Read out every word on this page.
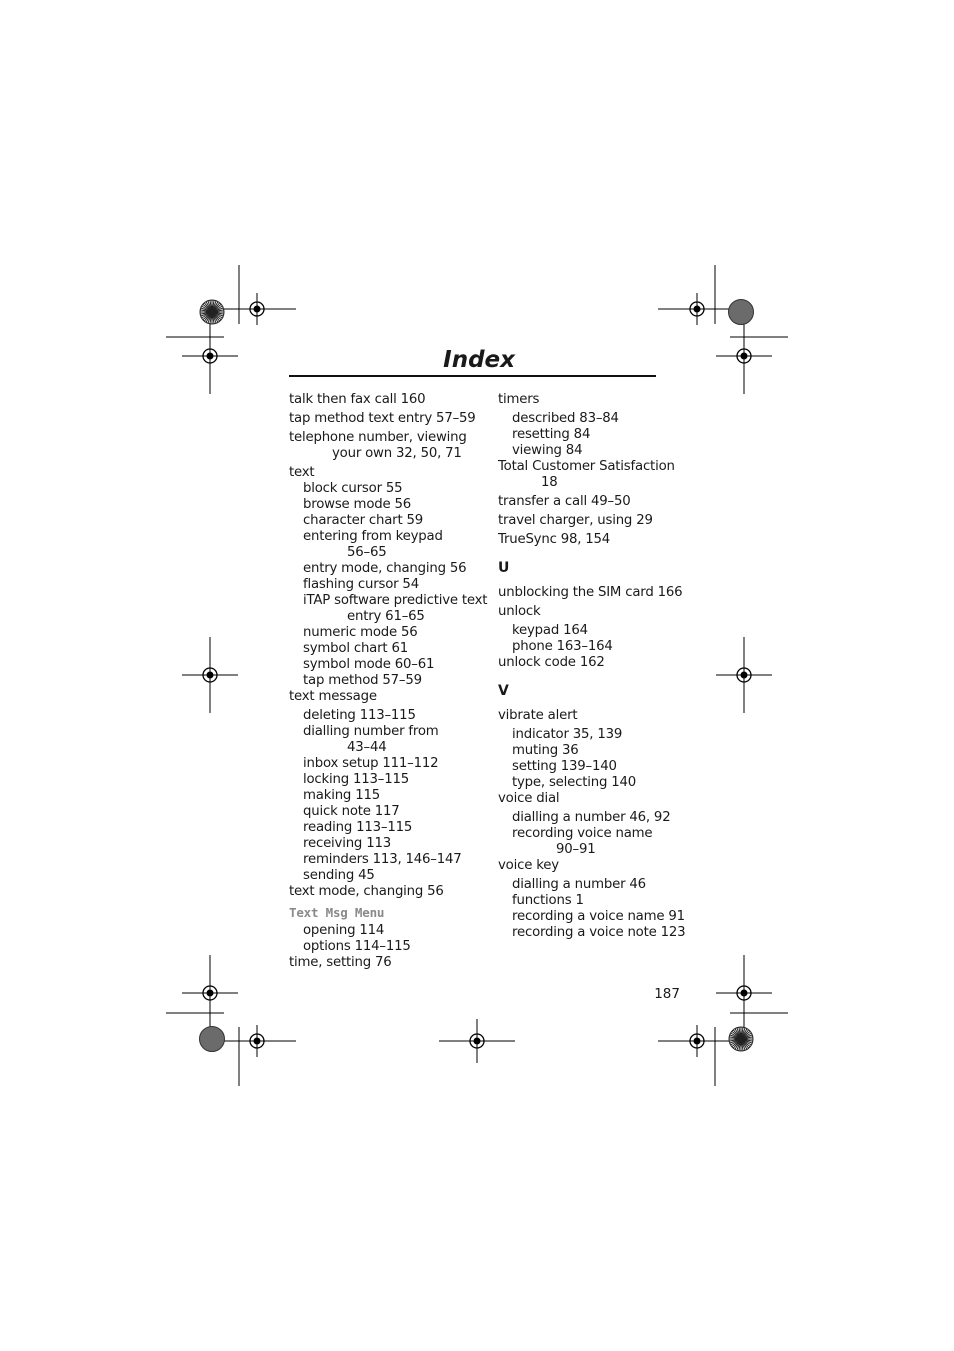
Index
talk then fax call 160
tap method text entry 57–59
telephone number, viewing
your own 32, 50, 71
text
block cursor 55
browse mode 56
character chart 59
entering from keypad
56–65
entry mode, changing 56
flashing cursor 54
iTAP software predictive text
entry 61–65
numeric mode 56
symbol chart 61
symbol mode 60–61
tap method 57–59
text message
deleting 113–115
dialling number from
43–44
inbox setup 111–112
locking 113–115
making 115
quick note 117
reading 113–115
receiving 113
reminders 113, 146–147
sending 45
text mode, changing 56
Text Msg Menu
opening 114
options 114–115
time, setting 76
timers
described 83–84
resetting 84
viewing 84
Total Customer Satisfaction
18
transfer a call 49–50
travel charger, using 29
TrueSync 98, 154
U
unblocking the SIM card 166
unlock
keypad 164
phone 163–164
unlock code 162
V
vibrate alert
indicator 35, 139
muting 36
setting 139–140
type, selecting 140
voice dial
dialling a number 46, 92
recording voice name
90–91
voice key
dialling a number 46
functions 1
recording a voice name 91
recording a voice note 123
187
